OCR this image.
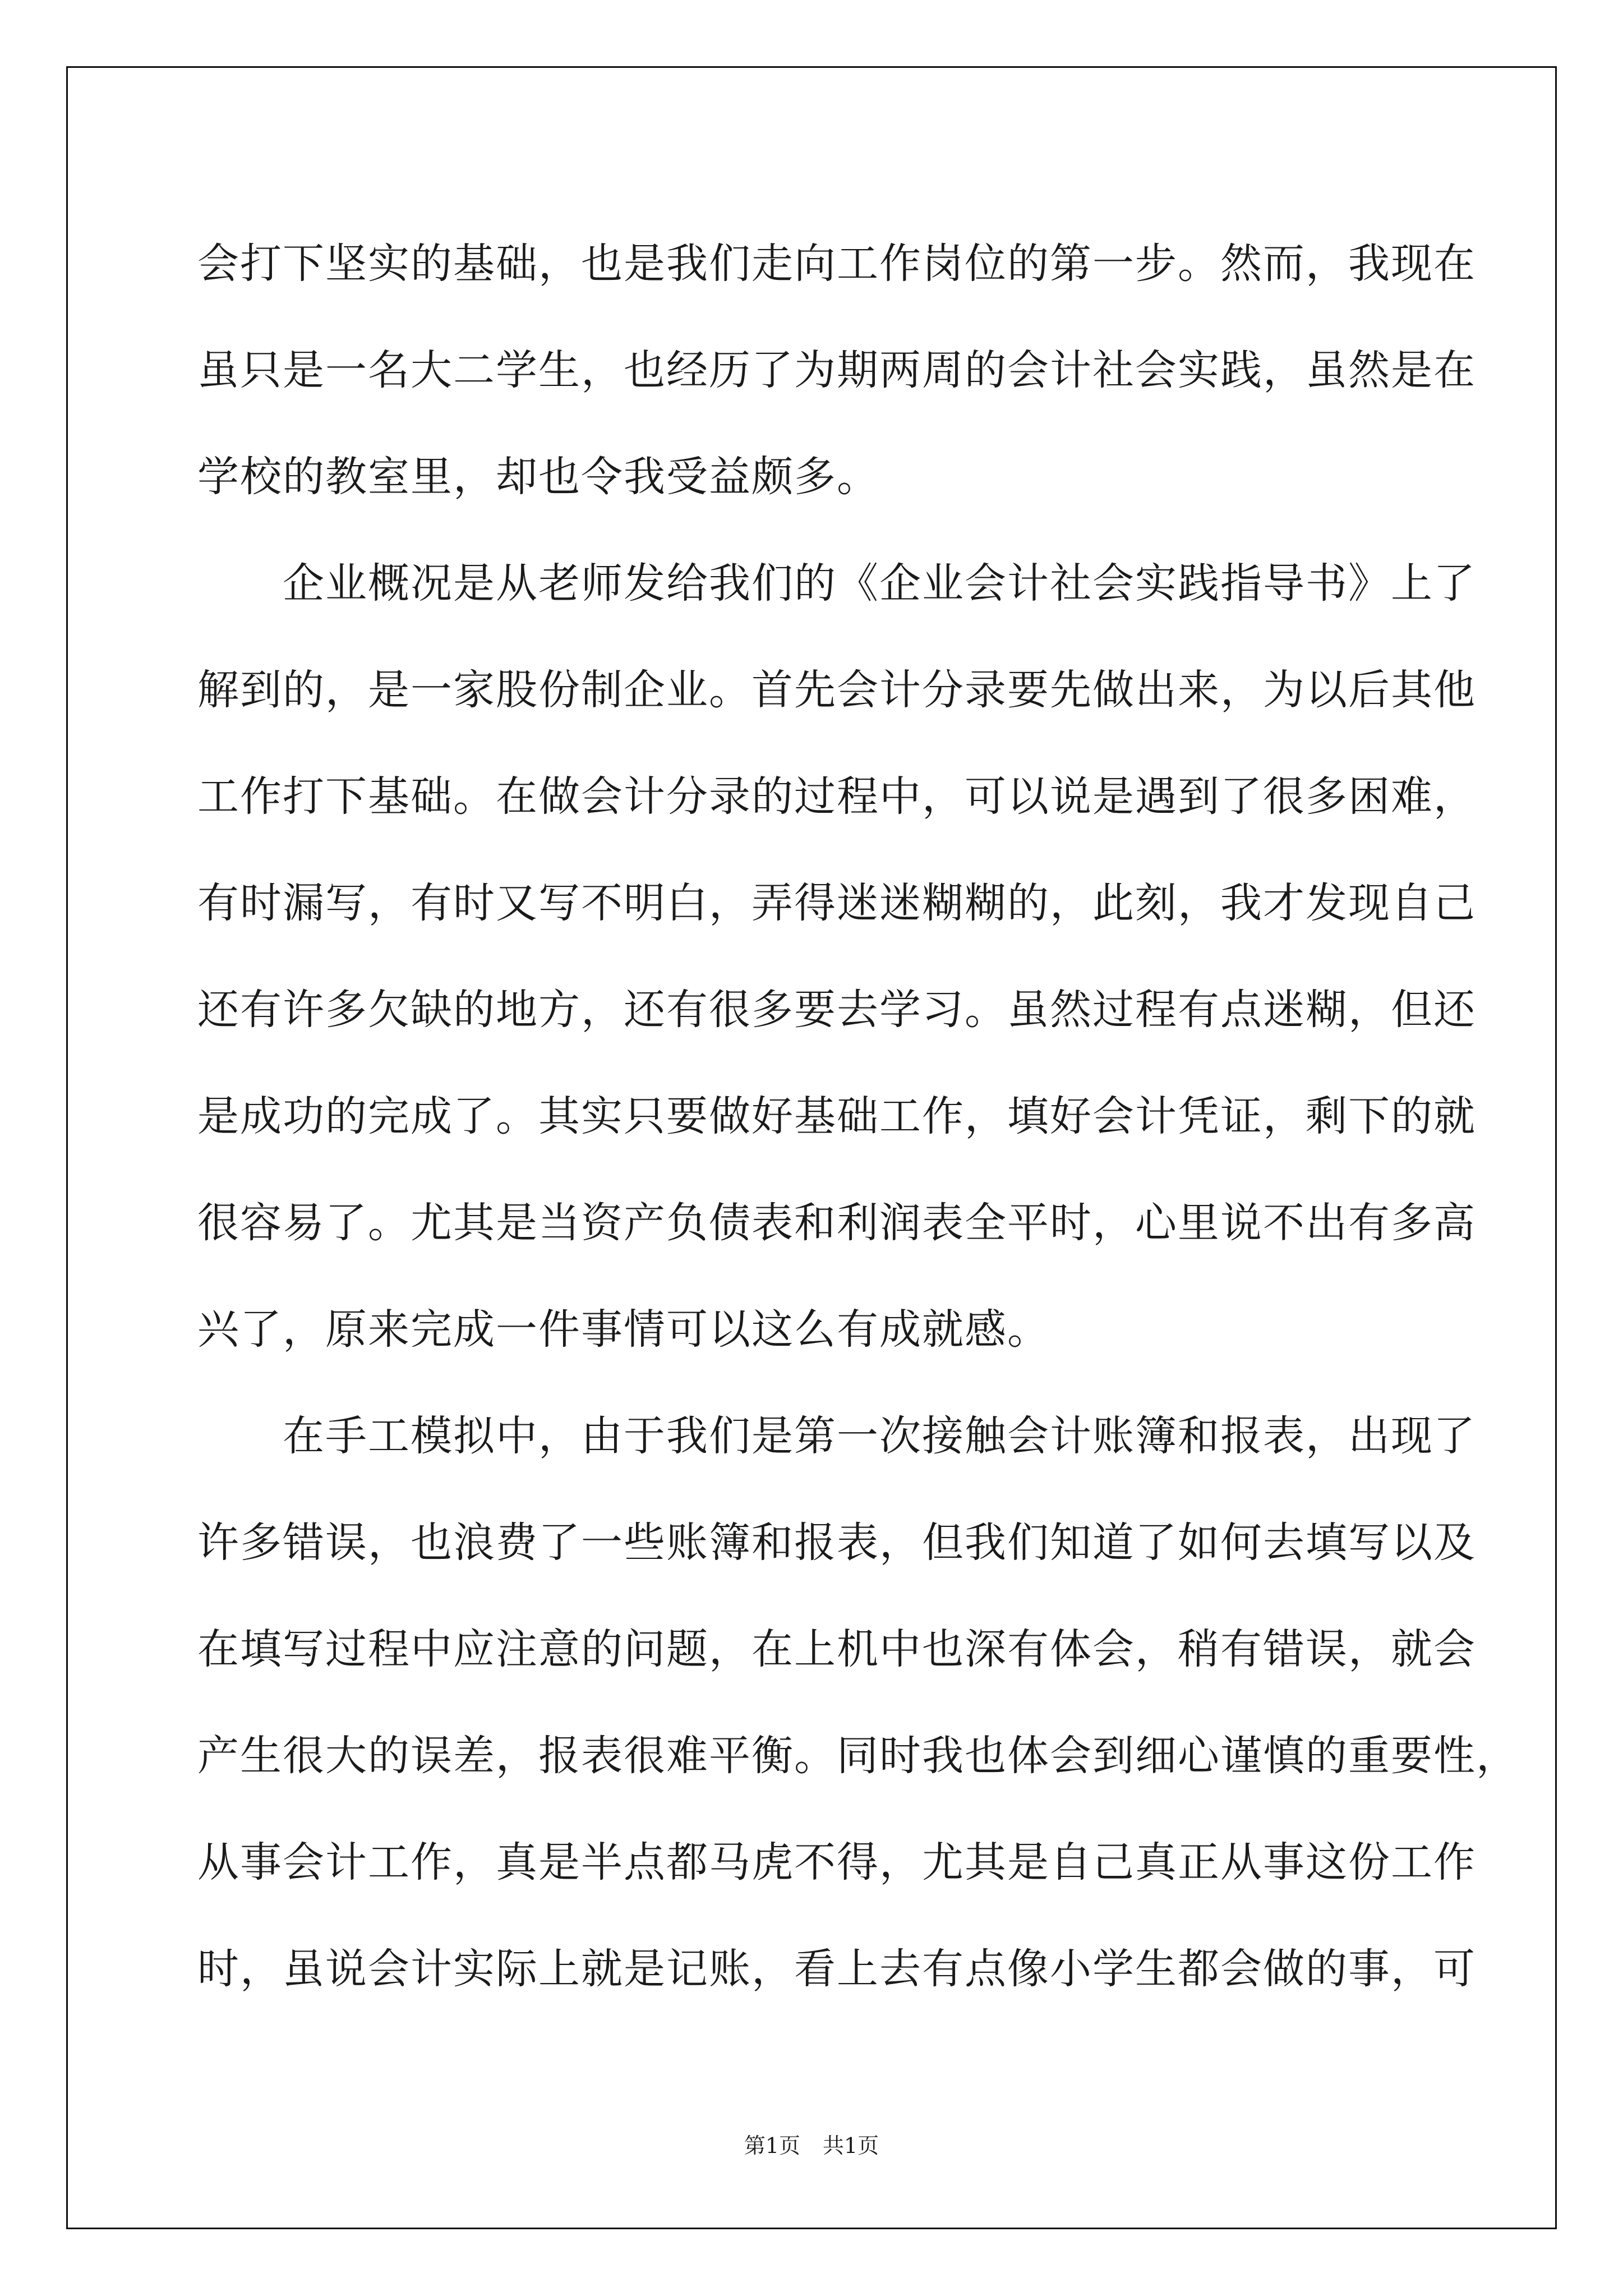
会打下坚实的基础，也是我们走向工作岗位的第一步。然而，我现在
虽只是一名大二学生，也经历了为期两周的会计社会实践，虽然是在
学校的教室里，却也令我受益颇多。
　　企业概况是从老师发给我们的《企业会计社会实践指导书》上了
解到的，是一家股份制企业。首先会计分录要先做出来，为以后其他
工作打下基础。在做会计分录的过程中，可以说是遇到了很多困难，
有时漏写，有时又写不明白，弄得迷迷糊糊的，此刻，我才发现自己
还有许多欠缺的地方，还有很多要去学习。虽然过程有点迷糊，但还
是成功的完成了。其实只要做好基础工作，填好会计凭证，剩下的就
很容易了。尤其是当资产负债表和利润表全平时，心里说不出有多高
兴了，原来完成一件事情可以这么有成就感。
　　在手工模拟中，由于我们是第一次接触会计账簿和报表，出现了
许多错误，也浪费了一些账簿和报表，但我们知道了如何去填写以及
在填写过程中应注意的问题，在上机中也深有体会，稍有错误，就会
产生很大的误差，报表很难平衡。同时我也体会到细心谨慎的重要性，
从事会计工作，真是半点都马虎不得，尤其是自己真正从事这份工作
时，虽说会计实际上就是记账，看上去有点像小学生都会做的事，可
第1页 共1页
